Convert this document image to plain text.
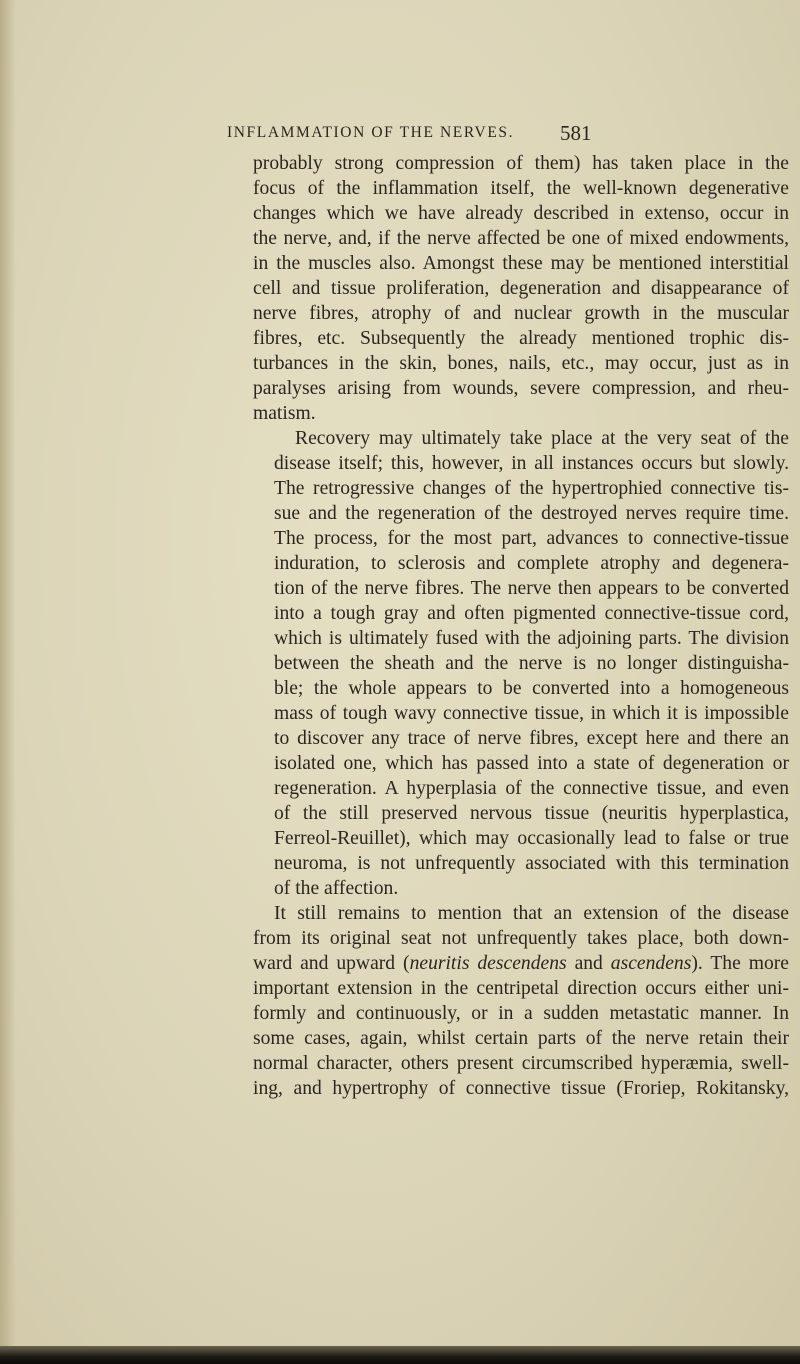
INFLAMMATION OF THE NERVES.	581

probably strong compression of them) has taken place in the
focus of the inflammation itself, the well-known degenerative
changes which we have already described in extenso, occur in
the nerve, and, if the nerve affected be one of mixed endowments,
in the muscles also. Amongst these may be mentioned interstitial
cell and tissue proliferation, degeneration and disappearance of
nerve fibres, atrophy of and nuclear growth in the muscular
fibres, etc. Subsequently the already mentioned trophic dis-
turbances in the skin, bones, nails, etc., may occur, just as in
paralyses arising from wounds, severe compression, and rheu-
matism.

Recovery may ultimately take place at the very seat of the
disease itself; this, however, in all instances occurs but slowly.
The retrogressive changes of the hypertrophied connective tis-
sue and the regeneration of the destroyed nerves require time.
The process, for the most part, advances to connective-tissue
induration, to sclerosis and complete atrophy and degenera-
tion of the nerve fibres. The nerve then appears to be converted
into a tough gray and often pigmented connective-tissue cord,
which is ultimately fused with the adjoining parts. The division
between the sheath and the nerve is no longer distinguisha-
ble; the whole appears to be converted into a homogeneous
mass of tough wavy connective tissue, in which it is impossible
to discover any trace of nerve fibres, except here and there an
isolated one, which has passed into a state of degeneration or
regeneration. A hyperplasia of the connective tissue, and even
of the still preserved nervous tissue (neuritis hyperplastica,
Ferreol-Reuillet), which may occasionally lead to false or true
neuroma, is not unfrequently associated with this termination
of the affection.

It still remains to mention that an extension of the disease
from its original seat not unfrequently takes place, both down-
ward and upward (neuritis descendens and ascendens). The more
important extension in the centripetal direction occurs either uni-
formly and continuously, or in a sudden metastatic manner. In
some cases, again, whilst certain parts of the nerve retain their
normal character, others present circumscribed hyperæmia, swell-
ing, and hypertrophy of connective tissue (Froriep, Rokitansky,
